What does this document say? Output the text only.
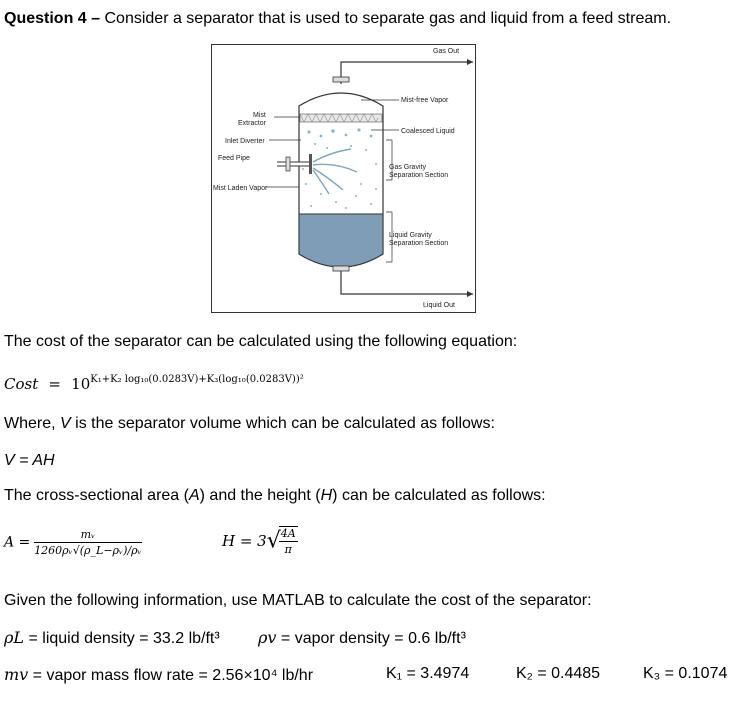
Question 4 – Consider a separator that is used to separate gas and liquid from a feed stream.
Gas Out
Mist-free Vapor
Mist
Extractor
Coalesced Liquid
Inlet Diverter
Feed Pipe
Gas Gravity
Separation Section
Mist Laden Vapor
Liquid Gravity
Separation Section
Liquid Out
The cost of the separator can be calculated using the following equation:
Cost = $10^{K_1+K_2 log_{10}(0.0283V)+K_3(log_{10}(0.0283V))^2}$
Where, V is the separator volume which can be calculated as follows:
V = AH
The cross-sectional area (A) and the height (H) can be calculated as follows:
$A = \frac{\text{mᵥ}}{\text{1260ρᵥ√(ρ\_L−ρᵥ)/ρᵥ}}$	H = 3√
$\frac{4A}{\pi}$
Given the following information, use MATLAB to calculate the cost of the separator:
ρL = liquid density = 33.2 lb/ft³ ρv = vapor density = 0.6 lb/ft³
mv = vapor mass flow rate = 2.56×10⁴ lb/hr	K₁ = 3.4974	K₂ = 0.4485	K₃ = 0.1074
